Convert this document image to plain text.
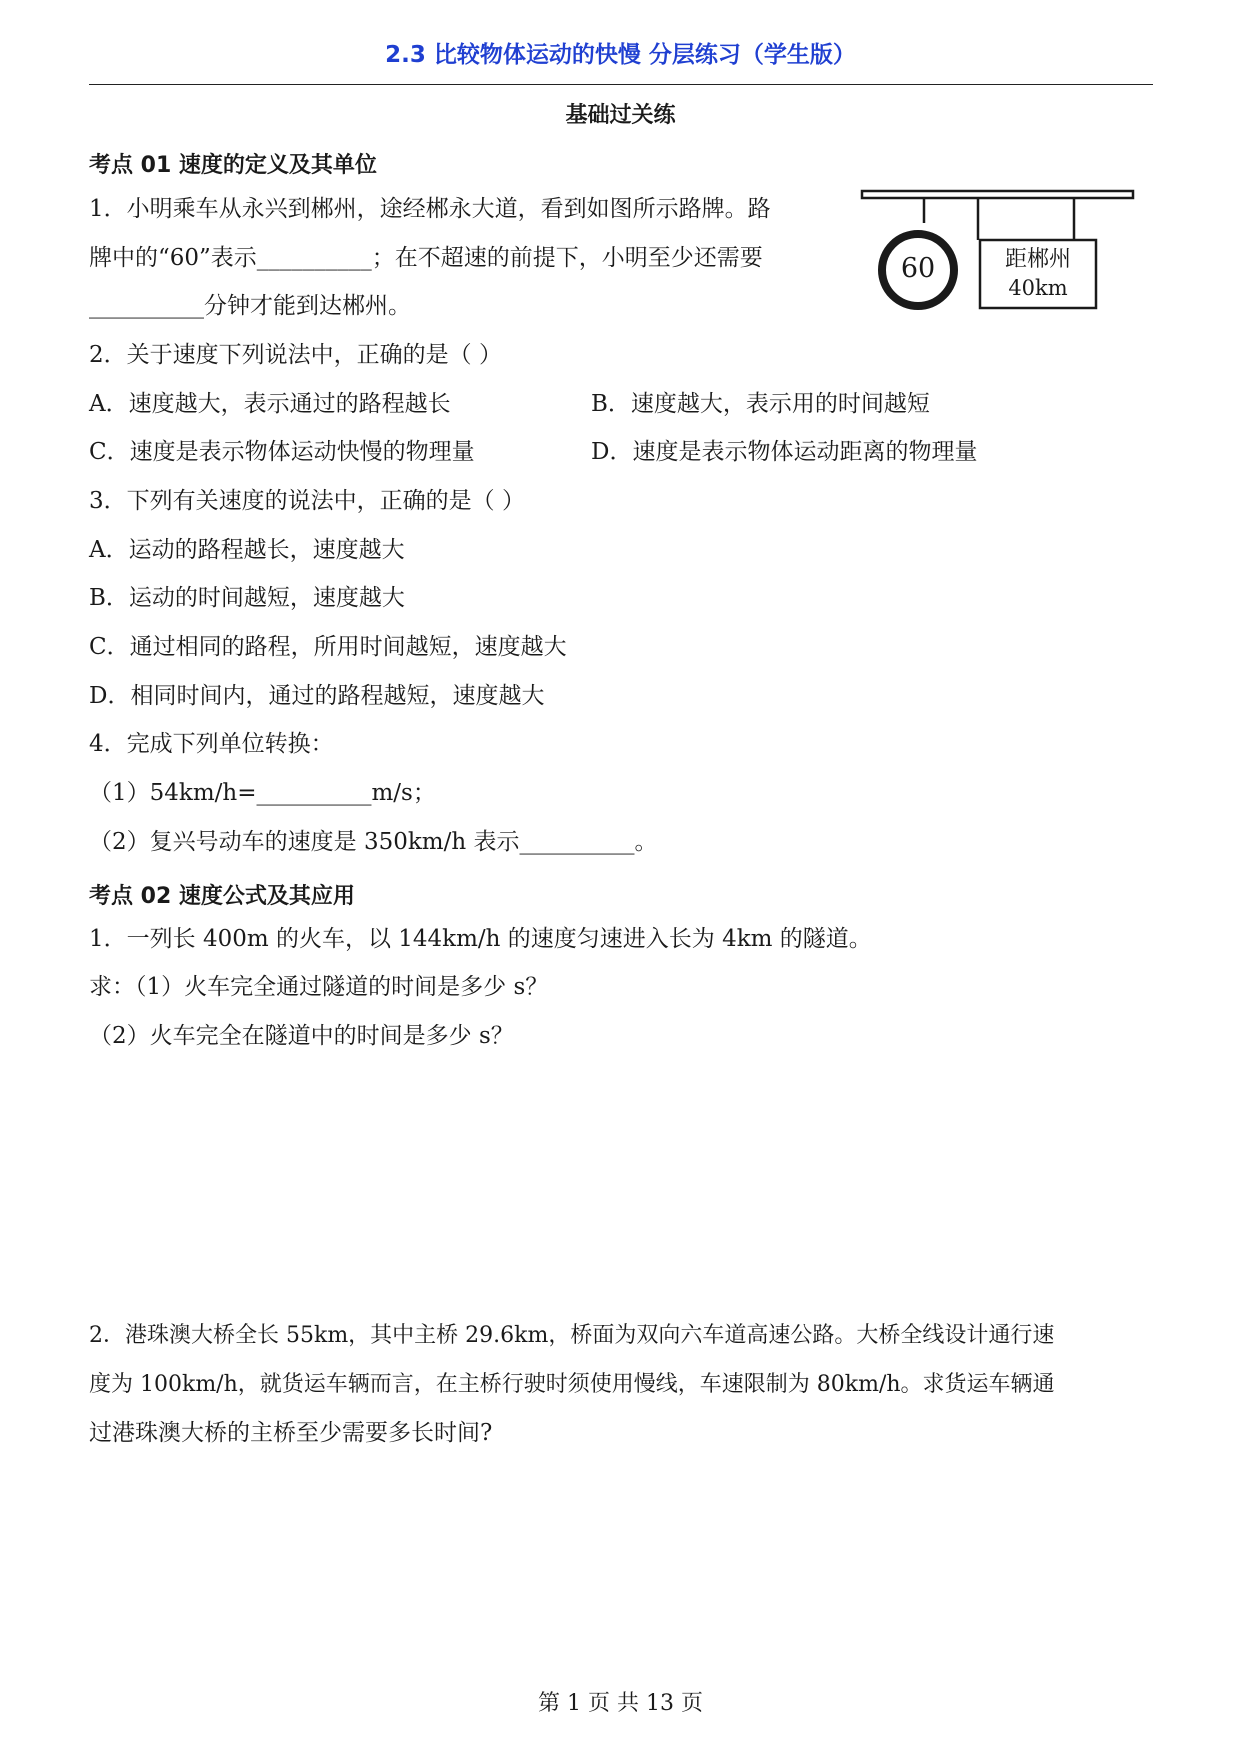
2.3 比较物体运动的快慢 分层练习（学生版）
基础过关练
考点 01 速度的定义及其单位
1．小明乘车从永兴到郴州，途经郴永大道，看到如图所示路牌。路
牌中的“60”表示__________；在不超速的前提下，小明至少还需要
__________分钟才能到达郴州。
60	距郴州
40km
2．关于速度下列说法中，正确的是（ ）
A．速度越大，表示通过的路程越长	B．速度越大，表示用的时间越短
C．速度是表示物体运动快慢的物理量	D．速度是表示物体运动距离的物理量
3．下列有关速度的说法中，正确的是（ ）
A．运动的路程越长，速度越大
B．运动的时间越短，速度越大
C．通过相同的路程，所用时间越短，速度越大
D．相同时间内，通过的路程越短，速度越大
4．完成下列单位转换：
（1）54km/h=__________m/s；
（2）复兴号动车的速度是 350km/h 表示__________。
考点 02 速度公式及其应用
1．一列长 400m 的火车，以 144km/h 的速度匀速进入长为 4km 的隧道。
求：（1）火车完全通过隧道的时间是多少 s？
（2）火车完全在隧道中的时间是多少 s？
2．港珠澳大桥全长 55km，其中主桥 29.6km，桥面为双向六车道高速公路。大桥全线设计通行速
度为 100km/h，就货运车辆而言，在主桥行驶时须使用慢线，车速限制为 80km/h。求货运车辆通
过港珠澳大桥的主桥至少需要多长时间?
第 1 页 共 13 页
